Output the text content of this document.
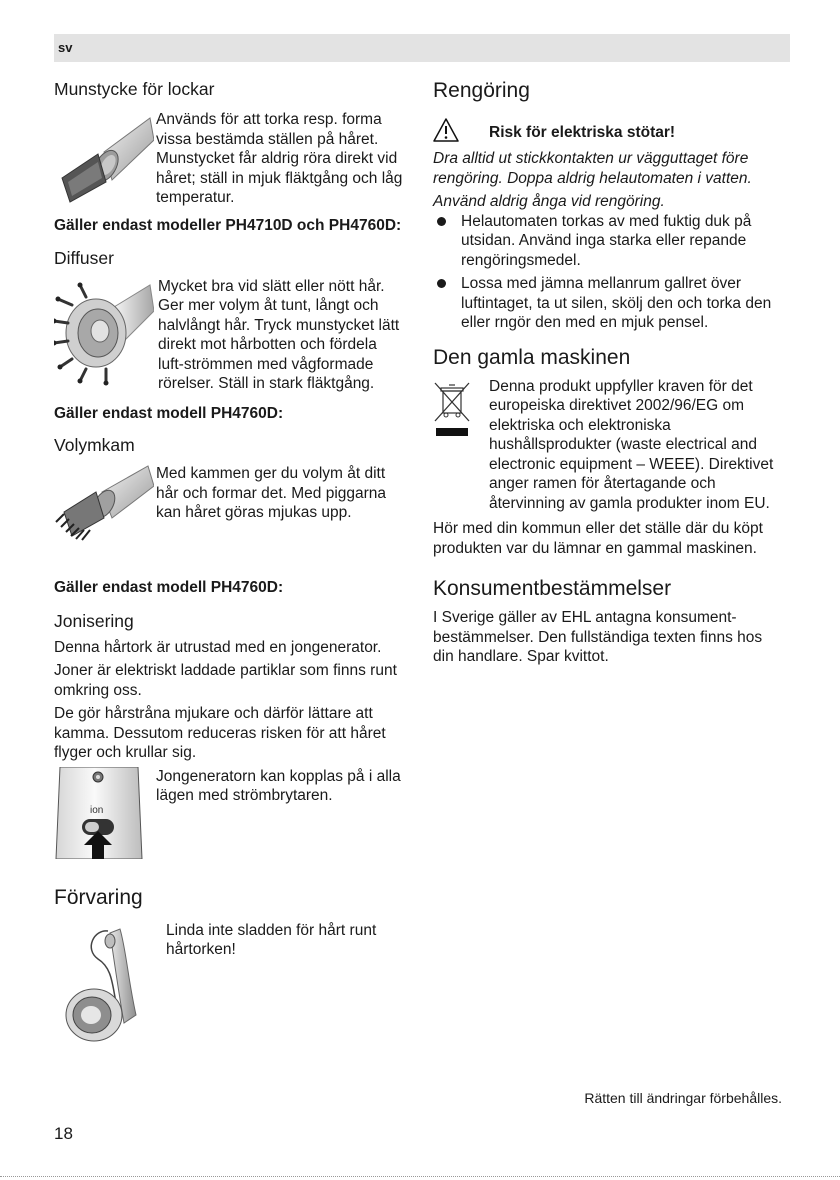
sv
Munstycke för lockar

Används för att torka resp. forma vissa bestämda ställen på håret. Munstycket får aldrig röra direkt vid håret; ställ in mjuk fläktgång och låg temperatur.

Gäller endast modeller PH4710D och PH4760D:

Diffuser

Mycket bra vid slätt eller nött hår. Ger mer volym åt tunt, långt och halvlångt hår. Tryck munstycket lätt direkt mot hårbotten och fördela luft-strömmen med vågformade rörelser. Ställ in stark fläktgång.

Gäller endast modell PH4760D:

Volymkam

Med kammen ger du volym åt ditt hår och formar det. Med piggarna kan håret göras mjukas upp.

Gäller endast modell PH4760D:

Jonisering

Denna hårtork är utrustad med en jongenerator.

Joner är elektriskt laddade partiklar som finns runt omkring oss.

De gör hårstråna mjukare och därför lättare att kamma. Dessutom reduceras risken för att håret flyger och krullar sig.

ion

Jongeneratorn kan kopplas på i alla lägen med strömbrytaren.

Förvaring

Linda inte sladden för hårt runt hårtorken!

Rengöring

Risk för elektriska stötar!

Dra alltid ut stickkontakten ur vägguttaget före rengöring. Doppa aldrig helautomaten i vatten.

Använd aldrig ånga vid rengöring.

Helautomaten torkas av med fuktig duk på utsidan. Använd inga starka eller repande rengöringsmedel.
Lossa med jämna mellanrum gallret över luftintaget, ta ut silen, skölj den och torka den eller rngör den med en mjuk pensel.
Den gamla maskinen

Denna produkt uppfyller kraven för det europeiska direktivet 2002/96/EG om elektriska och elektroniska hushållsprodukter (waste electrical and electronic equipment – WEEE). Direktivet anger ramen för återtagande och återvinning av gamla produkter inom EU.

Hör med din kommun eller det ställe där du köpt produkten var du lämnar en gammal maskinen.

Konsumentbestämmelser

I Sverige gäller av EHL antagna konsument-bestämmelser. Den fullständiga texten finns hos din handlare. Spar kvittot.

Rätten till ändringar förbehålles.
18
